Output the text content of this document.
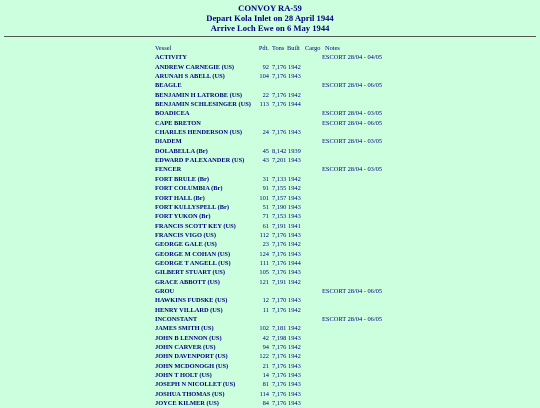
CONVOY RA-59
Depart Kola Inlet on 28 April 1944
Arrive Loch Ewe on 6 May 1944
Vessel	Pdt. Tons Built Cargo Notes
ACTIVITY	ESCORT 28/04 - 04/05
ANDREW CARNEGIE (US)	92 7,176 1942
ARUNAH S ABELL (US)	104 7,176 1943
BEAGLE	ESCORT 28/04 - 06/05
BENJAMIN H LATROBE (US)	22 7,176 1942
BENJAMIN SCHLESINGER (US) 113 7,176 1944
BOADICEA	ESCORT 28/04 - 03/05
CAPE BRETON	ESCORT 28/04 - 06/05
CHARLES HENDERSON (US)	24 7,176 1943
DIADEM	ESCORT 28/04 - 03/05
DOLABELLA (Br)	45 8,142 1939
EDWARD P ALEXANDER (US)	43 7,201 1943
FENCER	ESCORT 28/04 - 03/05
FORT BRULE (Br)	31 7,133 1942
FORT COLUMBIA (Br)	91 7,155 1942
FORT HALL (Br)	101 7,157 1943
FORT KULLYSPELL (Br)	51 7,190 1943
FORT YUKON (Br)	71 7,153 1943
FRANCIS SCOTT KEY (US)	61 7,191 1941
FRANCIS VIGO (US)	112 7,176 1943
GEORGE GALE (US)	23 7,176 1942
GEORGE M COHAN (US)	124 7,176 1943
GEORGE T ANGELL (US)	111 7,176 1944
GILBERT STUART (US)	105 7,176 1943
GRACE ABBOTT (US)	121 7,191 1942
GROU	ESCORT 28/04 - 06/05
HAWKINS FUDSKE (US)	12 7,170 1943
HENRY VILLARD (US)	11 7,176 1942
INCONSTANT	ESCORT 28/04 - 06/05
JAMES SMITH (US)	102 7,181 1942
JOHN B LENNON (US)	42 7,198 1943
JOHN CARVER (US)	94 7,176 1942
JOHN DAVENPORT (US)	122 7,176 1942
JOHN MCDONOGH (US)	21 7,176 1943
JOHN T HOLT (US)	14 7,176 1943
JOSEPH N NICOLLET (US)	81 7,176 1943
JOSHUA THOMAS (US)	114 7,176 1943
JOYCE KILMER (US)	84 7,176 1943
